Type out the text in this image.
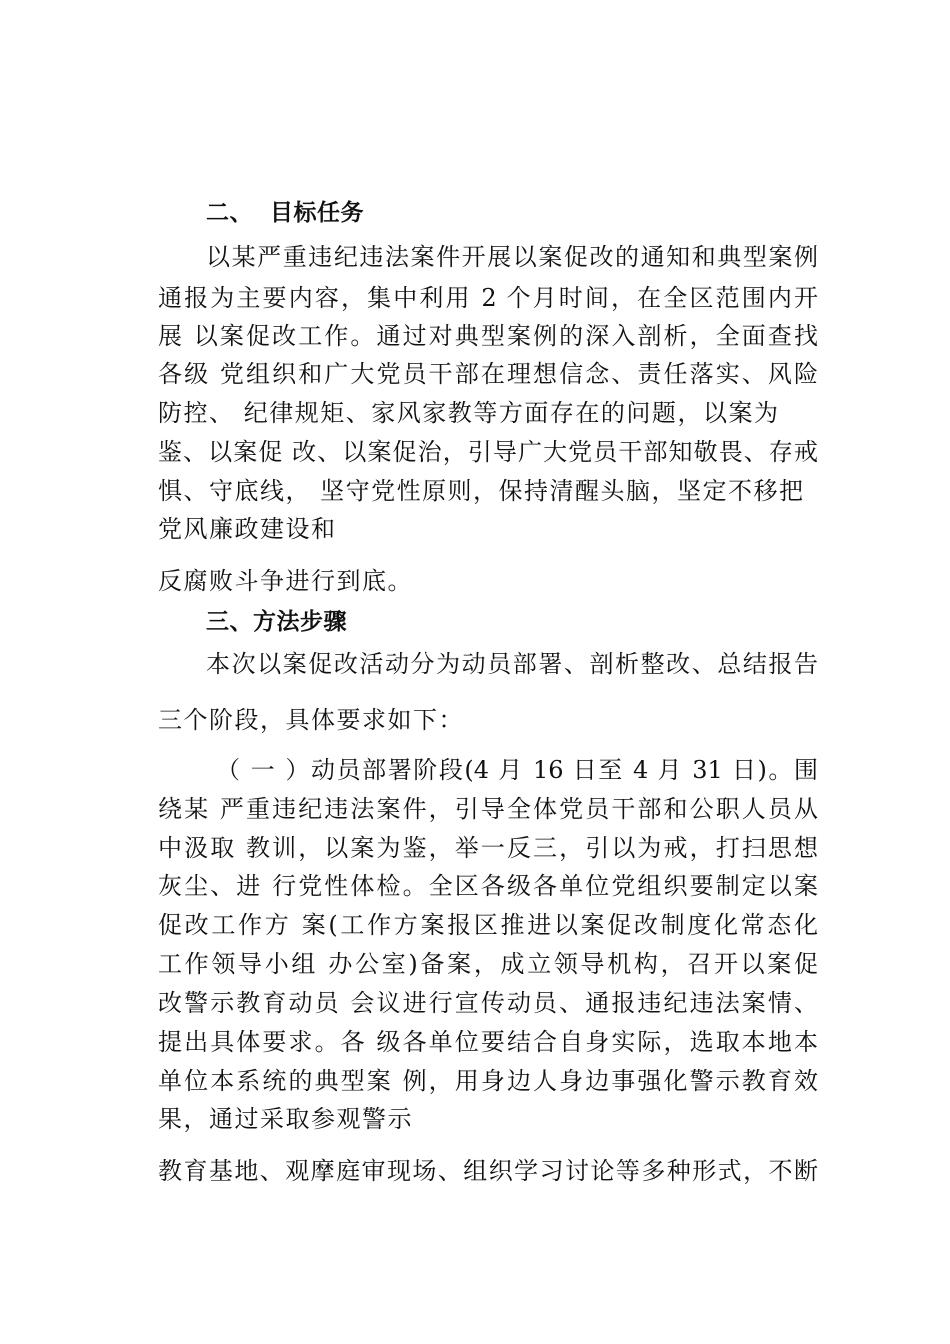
二、  目标任务
以某严重违纪违法案件开展以案促改的通知和典型案例
通报为主要内容，集中利用 2 个月时间，在全区范围内开
展 以案促改工作。通过对典型案例的深入剖析，全面查找
各级 党组织和广大党员干部在理想信念、责任落实、风险
防控、 纪律规矩、家风家教等方面存在的问题，以案为
鉴、以案促 改、以案促治，引导广大党员干部知敬畏、存戒
惧、守底线， 坚守党性原则，保持清醒头脑，坚定不移把
党风廉政建设和
反腐败斗争进行到底。
三、方法步骤
本次以案促改活动分为动员部署、剖析整改、总结报告
三个阶段，具体要求如下：
（ 一 ）动员部署阶段(4 月 16 日至 4 月 31 日)。围
绕某 严重违纪违法案件，引导全体党员干部和公职人员从
中汲取 教训，以案为鉴，举一反三，引以为戒，打扫思想
灰尘、进 行党性体检。全区各级各单位党组织要制定以案
促改工作方 案(工作方案报区推进以案促改制度化常态化
工作领导小组 办公室)备案，成立领导机构，召开以案促
改警示教育动员 会议进行宣传动员、通报违纪违法案情、
提出具体要求。各 级各单位要结合自身实际，选取本地本
单位本系统的典型案 例，用身边人身边事强化警示教育效
果，通过采取参观警示
教育基地、观摩庭审现场、组织学习讨论等多种形式，不断
